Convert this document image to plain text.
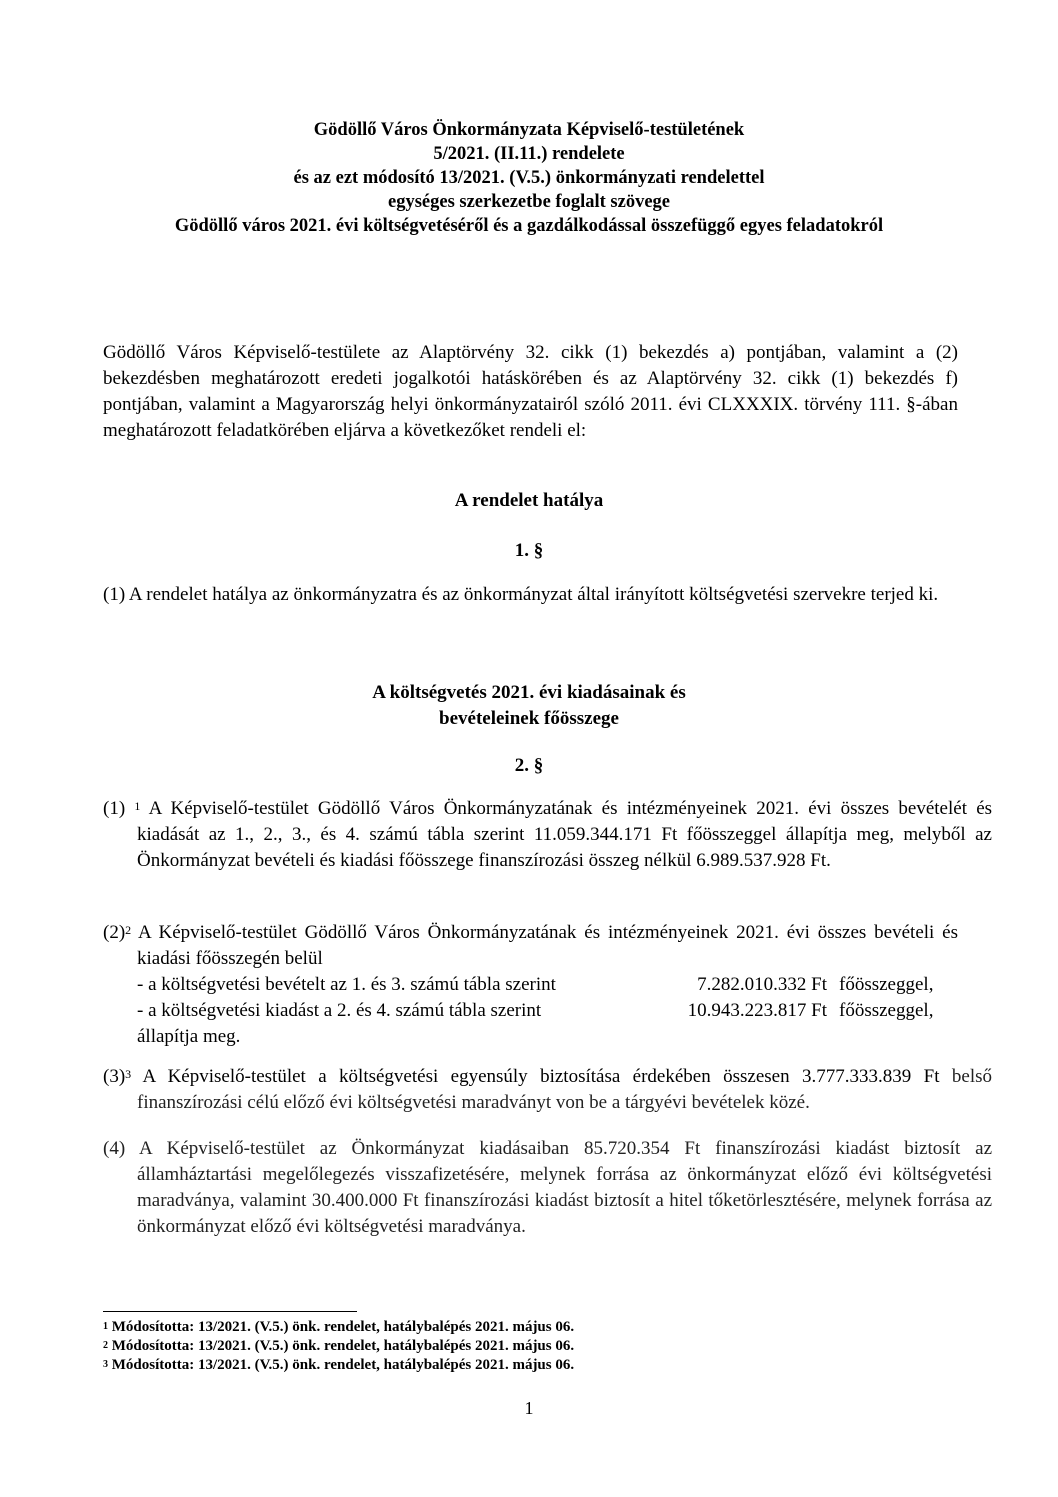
Gödöllő Város Önkormányzata Képviselő-testületének
5/2021. (II.11.) rendelete
és az ezt módosító 13/2021. (V.5.) önkormányzati rendelettel
egységes szerkezetbe foglalt szövege
Gödöllő város 2021. évi költségvetéséről és a gazdálkodással összefüggő egyes feladatokról
Gödöllő Város Képviselő-testülete az Alaptörvény 32. cikk (1) bekezdés a) pontjában, valamint a (2) bekezdésben meghatározott eredeti jogalkotói hatáskörében és az Alaptörvény 32. cikk (1) bekezdés f) pontjában, valamint a Magyarország helyi önkormányzatairól szóló 2011. évi CLXXXIX. törvény 111. §-ában meghatározott feladatkörében eljárva a következőket rendeli el:
A rendelet hatálya
1. §
(1) A rendelet hatálya az önkormányzatra és az önkormányzat által irányított költségvetési szervekre terjed ki.
A költségvetés 2021. évi kiadásainak és
bevételeinek főösszege
2. §
(1) $^1$ A Képviselő-testület Gödöllő Város Önkormányzatának és intézményeinek 2021. évi összes bevételét és kiadását az 1., 2., 3., és 4. számú tábla szerint 11.059.344.171 Ft főösszeggel állapítja meg, melyből az Önkormányzat bevételi és kiadási főösszege finanszírozási összeg nélkül 6.989.537.928 Ft.
$(2)^2$ A Képviselő-testület Gödöllő Város Önkormányzatának és intézményeinek 2021. évi összes bevételi és kiadási főösszegén belül
- a költségvetési bevételt az 1. és 3. számú tábla szerint	7.282.010.332 Ft főösszeggel,
- a költségvetési kiadást a 2. és 4. számú tábla szerint	10.943.223.817 Ft főösszeggel,
állapítja meg.
$(3)^3$ A Képviselő-testület a költségvetési egyensúly biztosítása érdekében összesen 3.777.333.839 Ft belső finanszírozási célú előző évi költségvetési maradványt von be a tárgyévi bevételek közé.
(4) A Képviselő-testület az Önkormányzat kiadásaiban 85.720.354 Ft finanszírozási kiadást biztosít az államháztartási megelőlegezés visszafizetésére, melynek forrása az önkormányzat előző évi költségvetési maradványa, valamint 30.400.000 Ft finanszírozási kiadást biztosít a hitel tőketörlesztésére, melynek forrása az önkormányzat előző évi költségvetési maradványa.
$^1$ Módosította: 13/2021. (V.5.) önk. rendelet, hatálybalépés 2021. május 06.
$^2$ Módosította: 13/2021. (V.5.) önk. rendelet, hatálybalépés 2021. május 06.
$^3$ Módosította: 13/2021. (V.5.) önk. rendelet, hatálybalépés 2021. május 06.
1
